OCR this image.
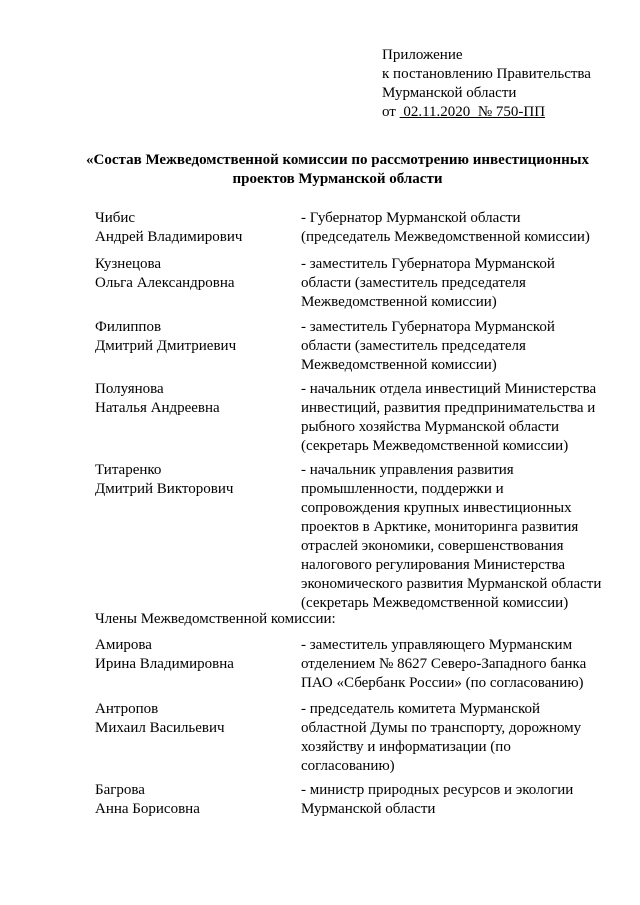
Приложение
к постановлению Правительства
Мурманской области
от  02.11.2020  № 750-ПП
«Состав Межведомственной комиссии по рассмотрению инвестиционных
проектов Мурманской области
Чибис
Андрей Владимирович
- Губернатор Мурманской области
(председатель Межведомственной комиссии)
Кузнецова
Ольга Александровна
- заместитель Губернатора Мурманской
области (заместитель председателя
Межведомственной комиссии)
Филиппов
Дмитрий Дмитриевич
- заместитель Губернатора Мурманской
области (заместитель председателя
Межведомственной комиссии)
Полуянова
Наталья Андреевна
- начальник отдела инвестиций Министерства
инвестиций, развития предпринимательства и
рыбного хозяйства Мурманской области
(секретарь Межведомственной комиссии)
Титаренко
Дмитрий Викторович
- начальник управления развития
промышленности, поддержки и
сопровождения крупных инвестиционных
проектов в Арктике, мониторинга развития
отраслей экономики, совершенствования
налогового регулирования Министерства
экономического развития Мурманской области
(секретарь Межведомственной комиссии)
Члены Межведомственной комиссии:
Амирова
Ирина Владимировна
- заместитель управляющего Мурманским
отделением № 8627 Северо-Западного банка
ПАО «Сбербанк России» (по согласованию)
Антропов
Михаил Васильевич
- председатель комитета Мурманской
областной Думы по транспорту, дорожному
хозяйству и информатизации (по
согласованию)
Багрова
Анна Борисовна
- министр природных ресурсов и экологии
Мурманской области
